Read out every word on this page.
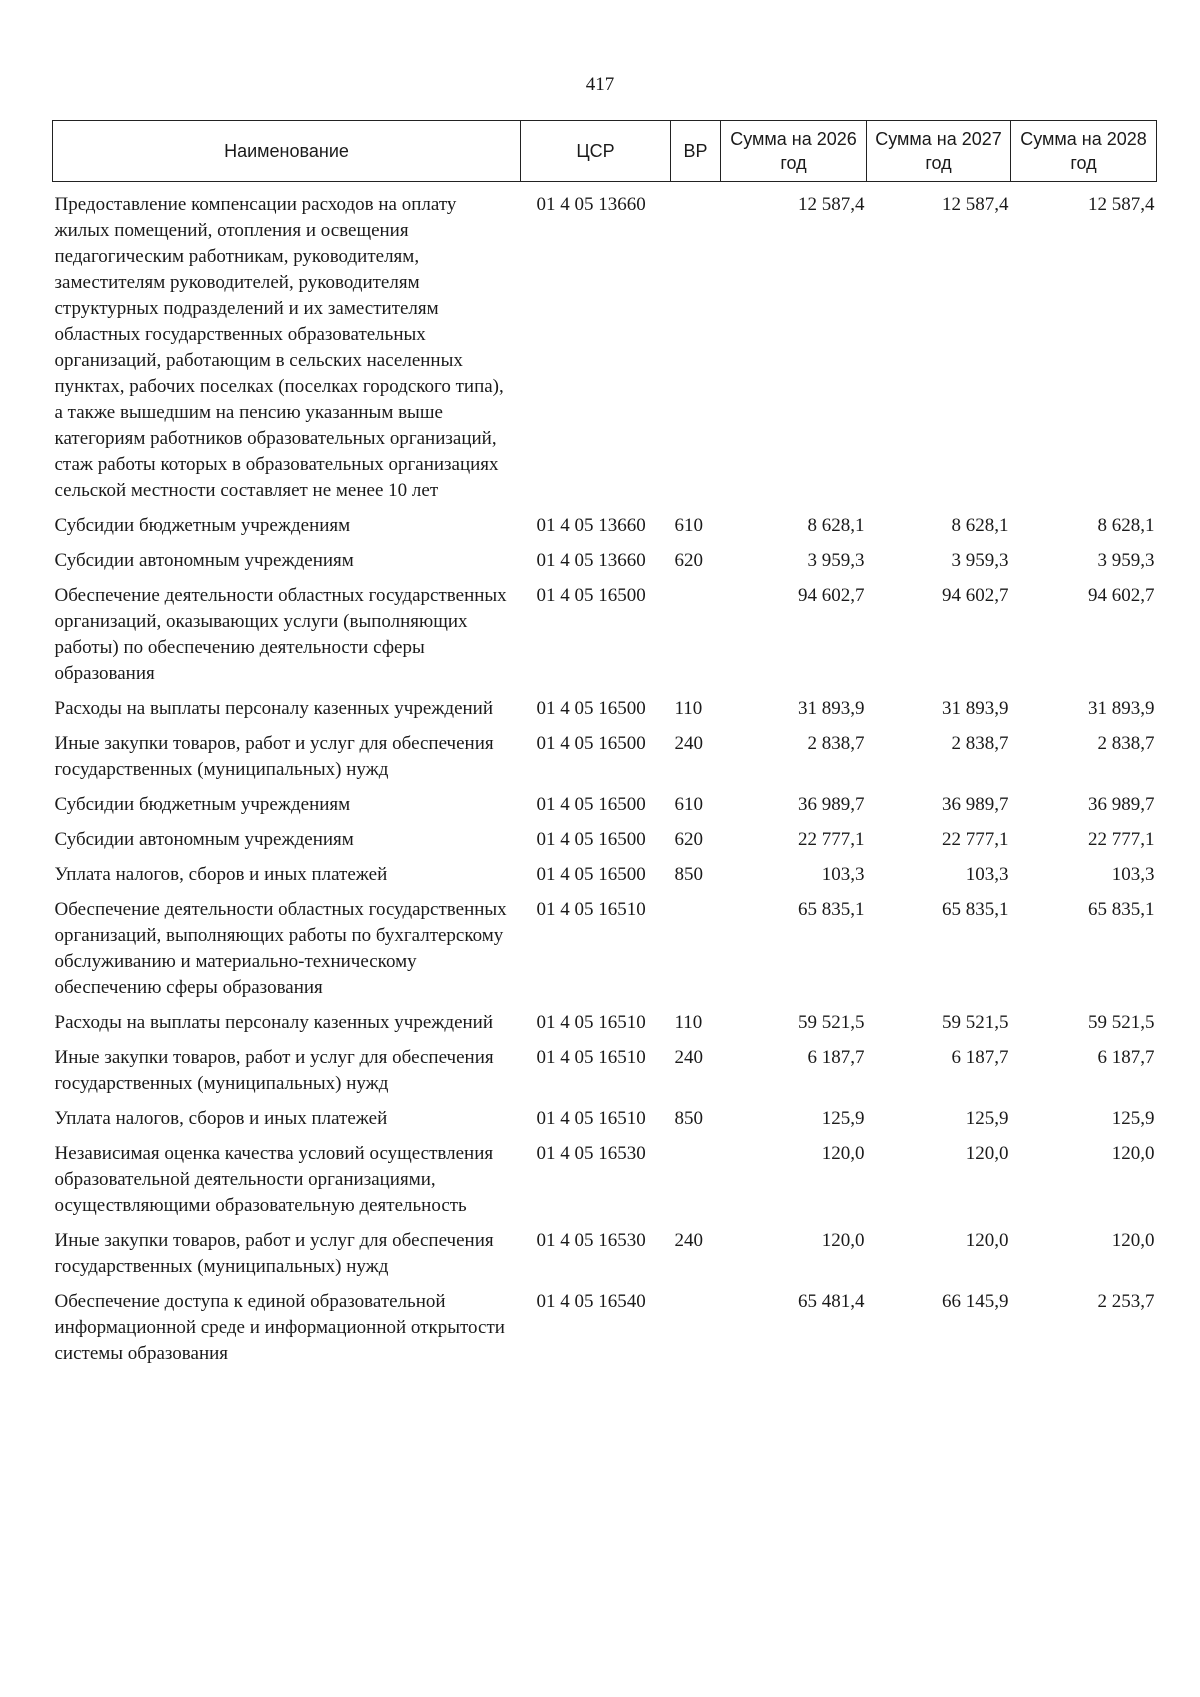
417
Наименование	ЦСР	ВР	Сумма на 2026 год	Сумма на 2027 год	Сумма на 2028 год
Предоставление компенсации расходов на оплату жилых помещений, отопления и освещения педагогическим работникам, руководителям, заместителям руководителей, руководителям структурных подразделений и их заместителям областных государственных образовательных организаций, работающим в сельских населенных пунктах, рабочих поселках (поселках городского типа), а также вышедшим на пенсию указанным выше категориям работников образовательных организаций, стаж работы которых в образовательных организациях сельской местности составляет не менее 10 лет	01 4 05 13660		12 587,4	12 587,4	12 587,4
Субсидии бюджетным учреждениям	01 4 05 13660	610	8 628,1	8 628,1	8 628,1
Субсидии автономным учреждениям	01 4 05 13660	620	3 959,3	3 959,3	3 959,3
Обеспечение деятельности областных государственных организаций, оказывающих услуги (выполняющих работы) по обеспечению деятельности сферы образования	01 4 05 16500		94 602,7	94 602,7	94 602,7
Расходы на выплаты персоналу казенных учреждений	01 4 05 16500	110	31 893,9	31 893,9	31 893,9
Иные закупки товаров, работ и услуг для обеспечения государственных (муниципальных) нужд	01 4 05 16500	240	2 838,7	2 838,7	2 838,7
Субсидии бюджетным учреждениям	01 4 05 16500	610	36 989,7	36 989,7	36 989,7
Субсидии автономным учреждениям	01 4 05 16500	620	22 777,1	22 777,1	22 777,1
Уплата налогов, сборов и иных платежей	01 4 05 16500	850	103,3	103,3	103,3
Обеспечение деятельности областных государственных организаций, выполняющих работы по бухгалтерскому обслуживанию и материально-техническому обеспечению сферы образования	01 4 05 16510		65 835,1	65 835,1	65 835,1
Расходы на выплаты персоналу казенных учреждений	01 4 05 16510	110	59 521,5	59 521,5	59 521,5
Иные закупки товаров, работ и услуг для обеспечения государственных (муниципальных) нужд	01 4 05 16510	240	6 187,7	6 187,7	6 187,7
Уплата налогов, сборов и иных платежей	01 4 05 16510	850	125,9	125,9	125,9
Независимая оценка качества условий осуществления образовательной деятельности организациями, осуществляющими образовательную деятельность	01 4 05 16530		120,0	120,0	120,0
Иные закупки товаров, работ и услуг для обеспечения государственных (муниципальных) нужд	01 4 05 16530	240	120,0	120,0	120,0
Обеспечение доступа к единой образовательной информационной среде и информационной открытости системы образования	01 4 05 16540		65 481,4	66 145,9	2 253,7
